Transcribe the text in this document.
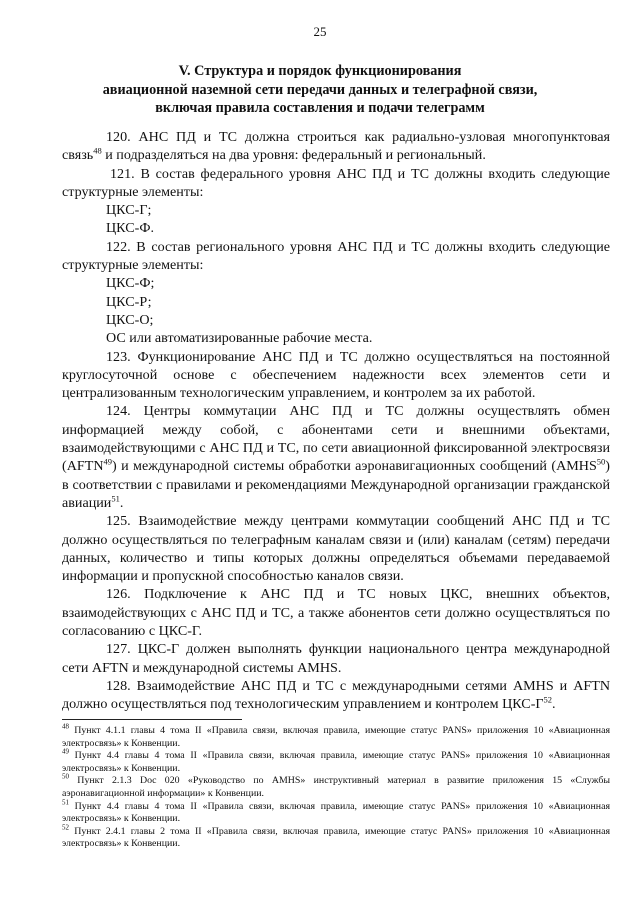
25
V. Структура и порядок функционирования
авиационной наземной сети передачи данных и телеграфной связи,
включая правила составления и подачи телеграмм

120. АНС ПД и ТС должна строиться как радиально-узловая многопунктовая связь$^{48}$ и подразделяться на два уровня: федеральный и региональный.

121. В состав федерального уровня АНС ПД и ТС должны входить следующие структурные элементы:

ЦКС-Г;

ЦКС-Ф.

122. В состав регионального уровня АНС ПД и ТС должны входить следующие структурные элементы:

ЦКС-Ф;

ЦКС-Р;

ЦКС-О;

ОС или автоматизированные рабочие места.

123. Функционирование АНС ПД и ТС должно осуществляться на постоянной круглосуточной основе с обеспечением надежности всех элементов сети и централизованным технологическим управлением, и контролем за их работой.

124. Центры коммутации АНС ПД и ТС должны осуществлять обмен информацией между собой, с абонентами сети и внешними объектами, взаимодействующими с АНС ПД и ТС, по сети авиационной фиксированной электросвязи (AFTN$^{49}$) и международной системы обработки аэронавигационных сообщений (AMHS$^{50}$) в соответствии с правилами и рекомендациями Международной организации гражданской авиации$^{51}$.

125. Взаимодействие между центрами коммутации сообщений АНС ПД и ТС должно осуществляться по телеграфным каналам связи и (или) каналам (сетям) передачи данных, количество и типы которых должны определяться объемами передаваемой информации и пропускной способностью каналов связи.

126. Подключение к АНС ПД и ТС новых ЦКС, внешних объектов, взаимодействующих с АНС ПД и ТС, а также абонентов сети должно осуществляться по согласованию с ЦКС-Г.

127. ЦКС-Г должен выполнять функции национального центра международной сети AFTN и международной системы AMHS.

128. Взаимодействие АНС ПД и ТС с международными сетями AMHS и AFTN должно осуществляться под технологическим управлением и контролем ЦКС-$Г^{52}$.

$^{48}$ Пункт 4.1.1 главы 4 тома II «Правила связи, включая правила, имеющие статус PANS» приложения 10 «Авиационная электросвязь» к Конвенции.

$^{49}$ Пункт 4.4 главы 4 тома II «Правила связи, включая правила, имеющие статус PANS» приложения 10 «Авиационная электросвязь» к Конвенции.

$^{50}$ Пункт 2.1.3 Doc 020 «Руководство по AMHS» инструктивный материал в развитие приложения 15 «Службы аэронавигационной информации» к Конвенции.

$^{51}$ Пункт 4.4 главы 4 тома II «Правила связи, включая правила, имеющие статус PANS» приложения 10 «Авиационная электросвязь» к Конвенции.

$^{52}$ Пункт 2.4.1 главы 2 тома II «Правила связи, включая правила, имеющие статус PANS» приложения 10 «Авиационная электросвязь» к Конвенции.
